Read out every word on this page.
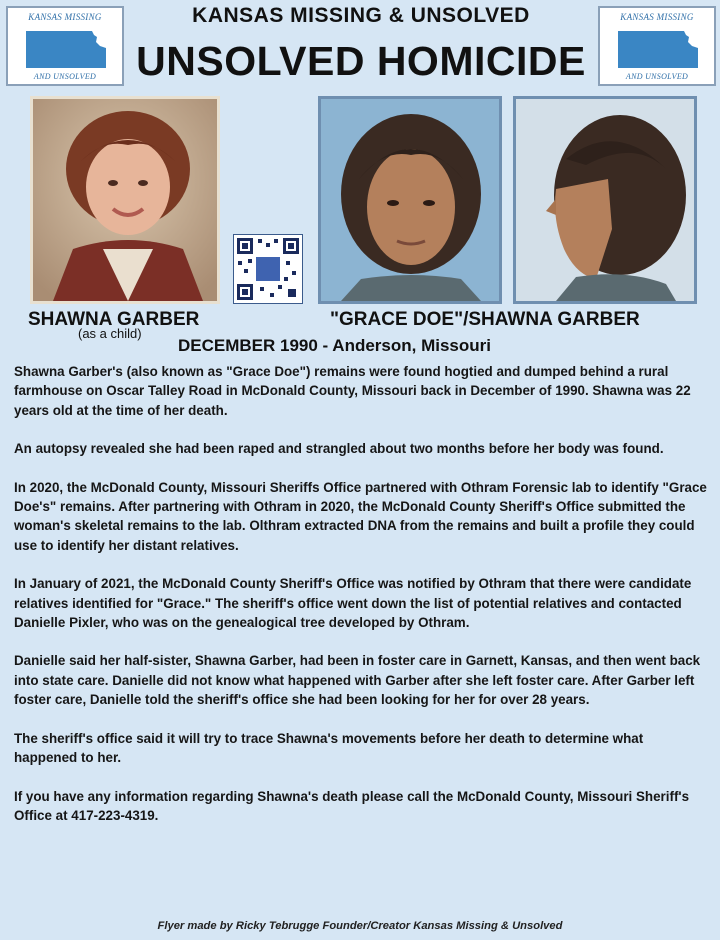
KANSAS MISSING
AND UNSOLVED
KANSAS MISSING
AND UNSOLVED
KANSAS MISSING & UNSOLVED
UNSOLVED HOMICIDE
SHAWNA GARBER
(as a child)
"GRACE DOE"/SHAWNA GARBER
DECEMBER 1990 - Anderson, Missouri

Shawna Garber's (also known as "Grace Doe") remains were found hogtied and dumped behind a rural farmhouse on Oscar Talley Road in McDonald County, Missouri back in December of 1990. Shawna was 22 years old at the time of her death.

An autopsy revealed she had been raped and strangled about two months before her body was found.

In 2020, the McDonald County, Missouri Sheriffs Office partnered with Othram Forensic lab to identify "Grace Doe's" remains. After partnering with Othram in 2020, the McDonald County Sheriff's Office submitted the woman's skeletal remains to the lab. Olthram extracted DNA from the remains and built a profile they could use to identify her distant relatives.

In January of 2021, the McDonald County Sheriff's Office was notified by Othram that there were candidate relatives identified for "Grace." The sheriff's office went down the list of potential relatives and contacted Danielle Pixler, who was on the genealogical tree developed by Othram.

Danielle said her half-sister, Shawna Garber, had been in foster care in Garnett, Kansas, and then went back into state care. Danielle did not know what happened with Garber after she left foster care. After Garber left foster care, Danielle told the sheriff's office she had been looking for her for over 28 years.

The sheriff's office said it will try to trace Shawna's movements before her death to determine what happened to her.

If you have any information regarding Shawna's death please call the McDonald County, Missouri Sheriff's Office at 417-223-4319.

Flyer made by Ricky Tebrugge Founder/Creator Kansas Missing & Unsolved
